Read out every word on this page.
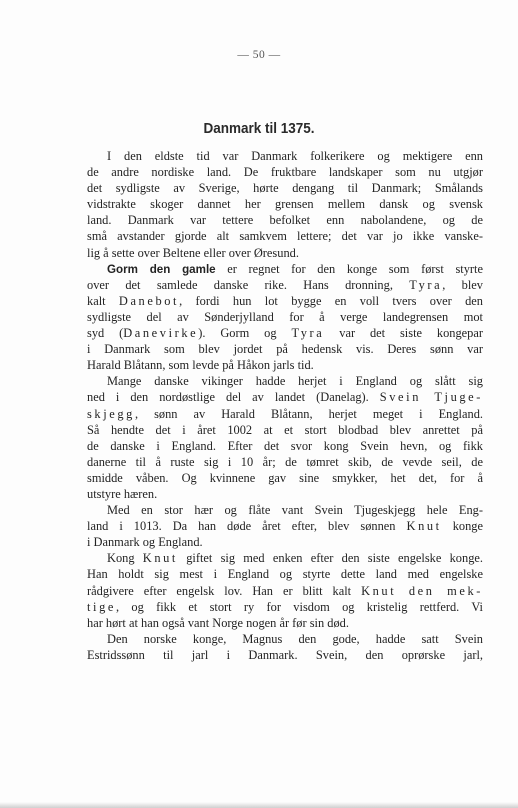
— 50 —
Danmark til 1375.
I den eldste tid var Danmark folkerikere og mektigere enn
de andre nordiske land. De fruktbare landskaper som nu utgjør
det sydligste av Sverige, hørte dengang til Danmark; Smålands
vidstrakte skoger dannet her grensen mellem dansk og svensk
land. Danmark var tettere befolket enn nabolandene, og de
små avstander gjorde alt samkvem lettere; det var jo ikke vanske-
lig å sette over Beltene eller over Øresund.
Gorm den gamle er regnet for den konge som først styrte
over det samlede danske rike. Hans dronning, Tyra, blev
kalt Danebot, fordi hun lot bygge en voll tvers over den
sydligste del av Sønderjylland for å verge landegrensen mot
syd (Danevirke). Gorm og Tyra var det siste kongepar
i Danmark som blev jordet på hedensk vis. Deres sønn var
Harald Blåtann, som levde på Håkon jarls tid.
Mange danske vikinger hadde herjet i England og slått sig
ned i den nordøstlige del av landet (Danelag). Svein Tjuge-
skjegg, sønn av Harald Blåtann, herjet meget i England.
Så hendte det i året 1002 at et stort blodbad blev anrettet på
de danske i England. Efter det svor kong Svein hevn, og fikk
danerne til å ruste sig i 10 år; de tømret skib, de vevde seil, de
smidde våben. Og kvinnene gav sine smykker, het det, for å
utstyre hæren.
Med en stor hær og flåte vant Svein Tjugeskjegg hele Eng-
land i 1013. Da han døde året efter, blev sønnen Knut konge
i Danmark og England.
Kong Knut giftet sig med enken efter den siste engelske konge.
Han holdt sig mest i England og styrte dette land med engelske
rådgivere efter engelsk lov. Han er blitt kalt Knut den mek-
tige, og fikk et stort ry for visdom og kristelig rettferd. Vi
har hørt at han også vant Norge nogen år før sin død.
Den norske konge, Magnus den gode, hadde satt Svein
Estridssønn til jarl i Danmark. Svein, den oprørske jarl,
